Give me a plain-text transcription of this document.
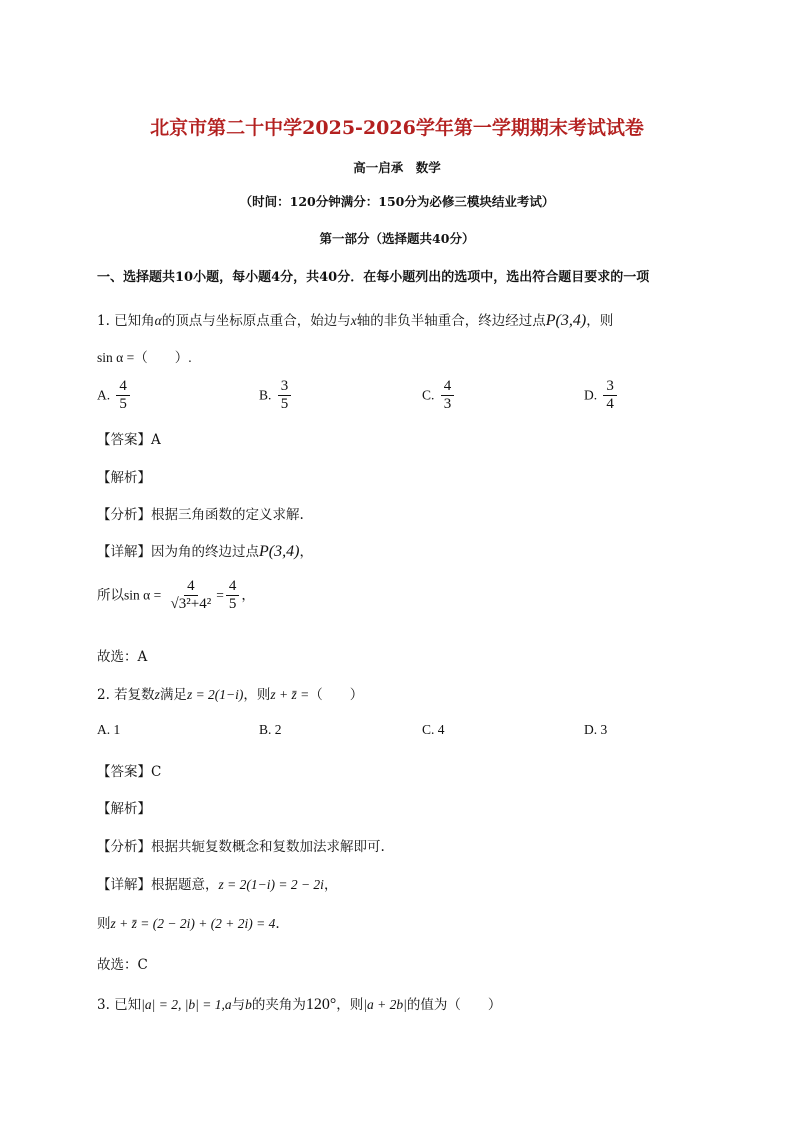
北京市第二十中学2025-2026学年第一学期期末考试试卷
高一启承　数学
（时间：120分钟满分：150分为必修三模块结业考试）
第一部分（选择题共40分）
一、选择题共10小题，每小题4分，共40分．在每小题列出的选项中，选出符合题目要求的一项
1. 已知角α的顶点与坐标原点重合，始边与x轴的非负半轴重合，终边经过点P(3,4)，则
sin α =（　　）.
A. $\frac{4}{5}$	B. $\frac{3}{5}$	C. $\frac{4}{3}$	D. $\frac{3}{4}$
【答案】A
【解析】
【分析】根据三角函数的定义求解.
【详解】因为角的终边过点P(3,4)，
所以$\sin \alpha = \frac{4}{\text{√3²+4²}} = \frac{4}{5}$ ，
故选：A
2. 若复数z满足z = 2(1−i)，则z + z̄ =（　　）
A. 1	B. 2	C. 4	D. 3
【答案】C
【解析】
【分析】根据共轭复数概念和复数加法求解即可.
【详解】根据题意，z = 2(1−i) = 2 − 2i，
则z + z̄ = (2 − 2i) + (2 + 2i) = 4.
故选：C
3. 已知|a| = 2, |b| = 1,a与b的夹角为120°，则|a + 2b|的值为（　　）
